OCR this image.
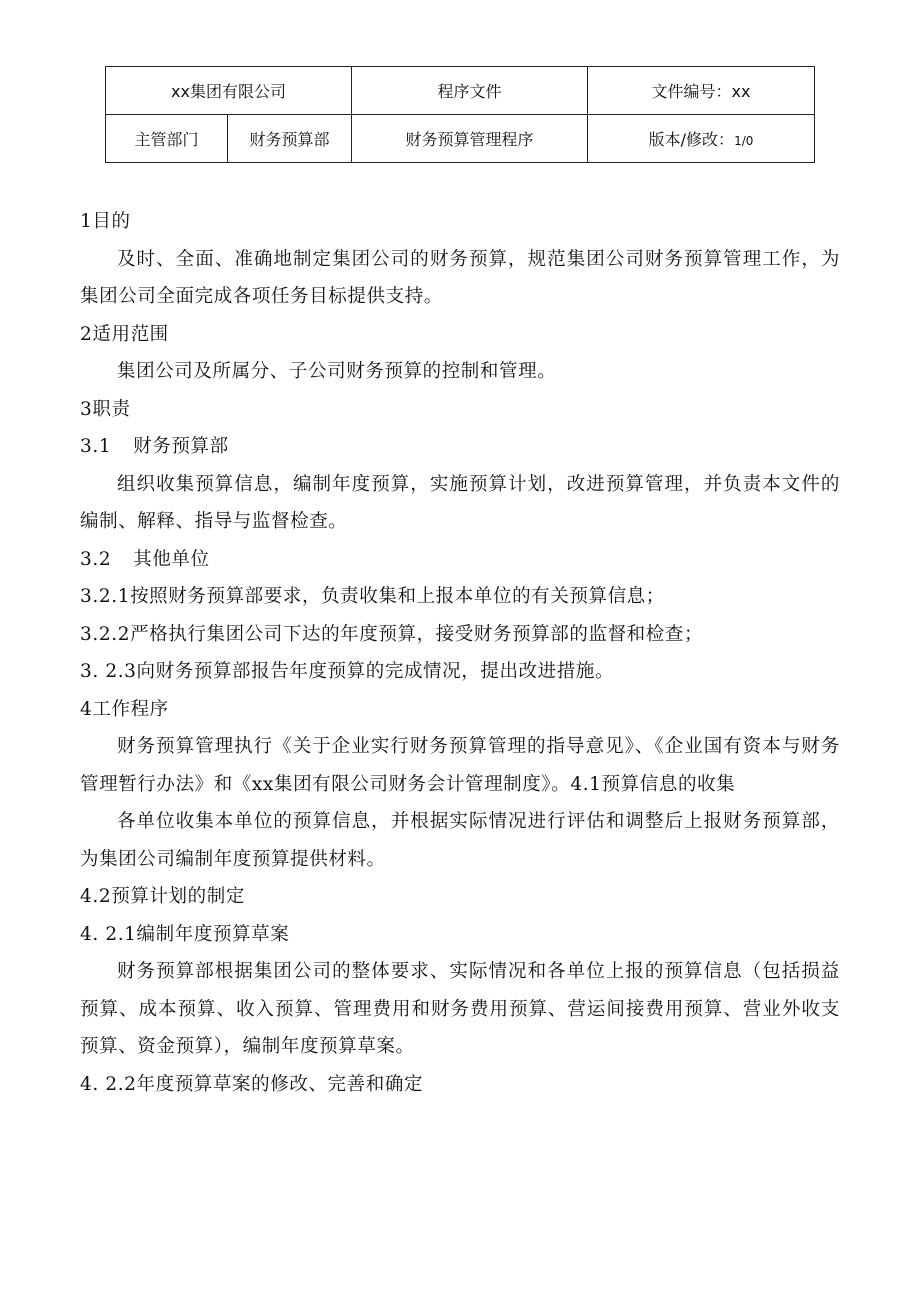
xx集团有限公司		程序文件	文件编号：xx
主管部门	财务预算部	财务预算管理程序	版本/修改：1/0

1目的

及时、全面、准确地制定集团公司的财务预算，规范集团公司财务预算管理工作，为集团公司全面完成各项任务目标提供支持。

2适用范围

集团公司及所属分、子公司财务预算的控制和管理。

3职责

3.1 财务预算部

组织收集预算信息，编制年度预算，实施预算计划，改进预算管理，并负责本文件的编制、解释、指导与监督检查。

3.2 其他单位

3.2.1按照财务预算部要求，负责收集和上报本单位的有关预算信息；

3.2.2严格执行集团公司下达的年度预算，接受财务预算部的监督和检查；

3. 2.3向财务预算部报告年度预算的完成情况，提出改进措施。

4工作程序

财务预算管理执行《关于企业实行财务预算管理的指导意见》、《企业国有资本与财务管理暂行办法》和《xx集团有限公司财务会计管理制度》。4.1预算信息的收集

各单位收集本单位的预算信息，并根据实际情况进行评估和调整后上报财务预算部，为集团公司编制年度预算提供材料。

4.2预算计划的制定

4. 2.1编制年度预算草案

财务预算部根据集团公司的整体要求、实际情况和各单位上报的预算信息（包括损益预算、成本预算、收入预算、管理费用和财务费用预算、营运间接费用预算、营业外收支预算、资金预算），编制年度预算草案。

4. 2.2年度预算草案的修改、完善和确定
